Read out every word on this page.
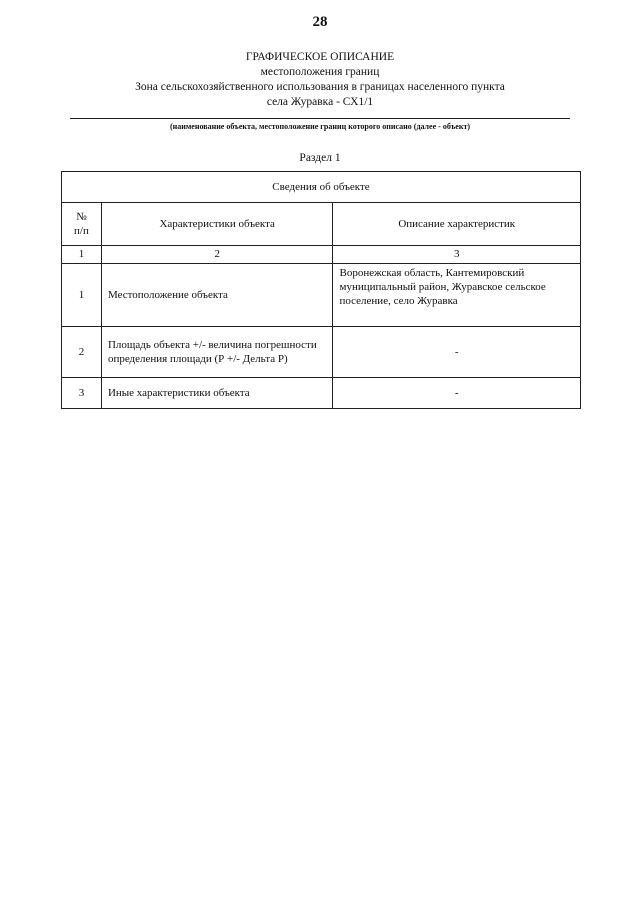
28
ГРАФИЧЕСКОЕ ОПИСАНИЕ
местоположения границ
Зона сельскохозяйственного использования в границах населенного пункта
села Журавка - СХ1/1
(наименование объекта, местоположение границ которого описано (далее - объект)
Раздел 1
Сведения об объекте		
№
п/п	Характеристики объекта	Описание характеристик
1	2	3
1	Местоположение объекта	Воронежская область, Кантемировский муниципальный район, Журавское сельское поселение, село Журавка
2	Площадь объекта +/- величина погрешности определения площади (Р +/- Дельта Р)	-
3	Иные характеристики объекта	-
